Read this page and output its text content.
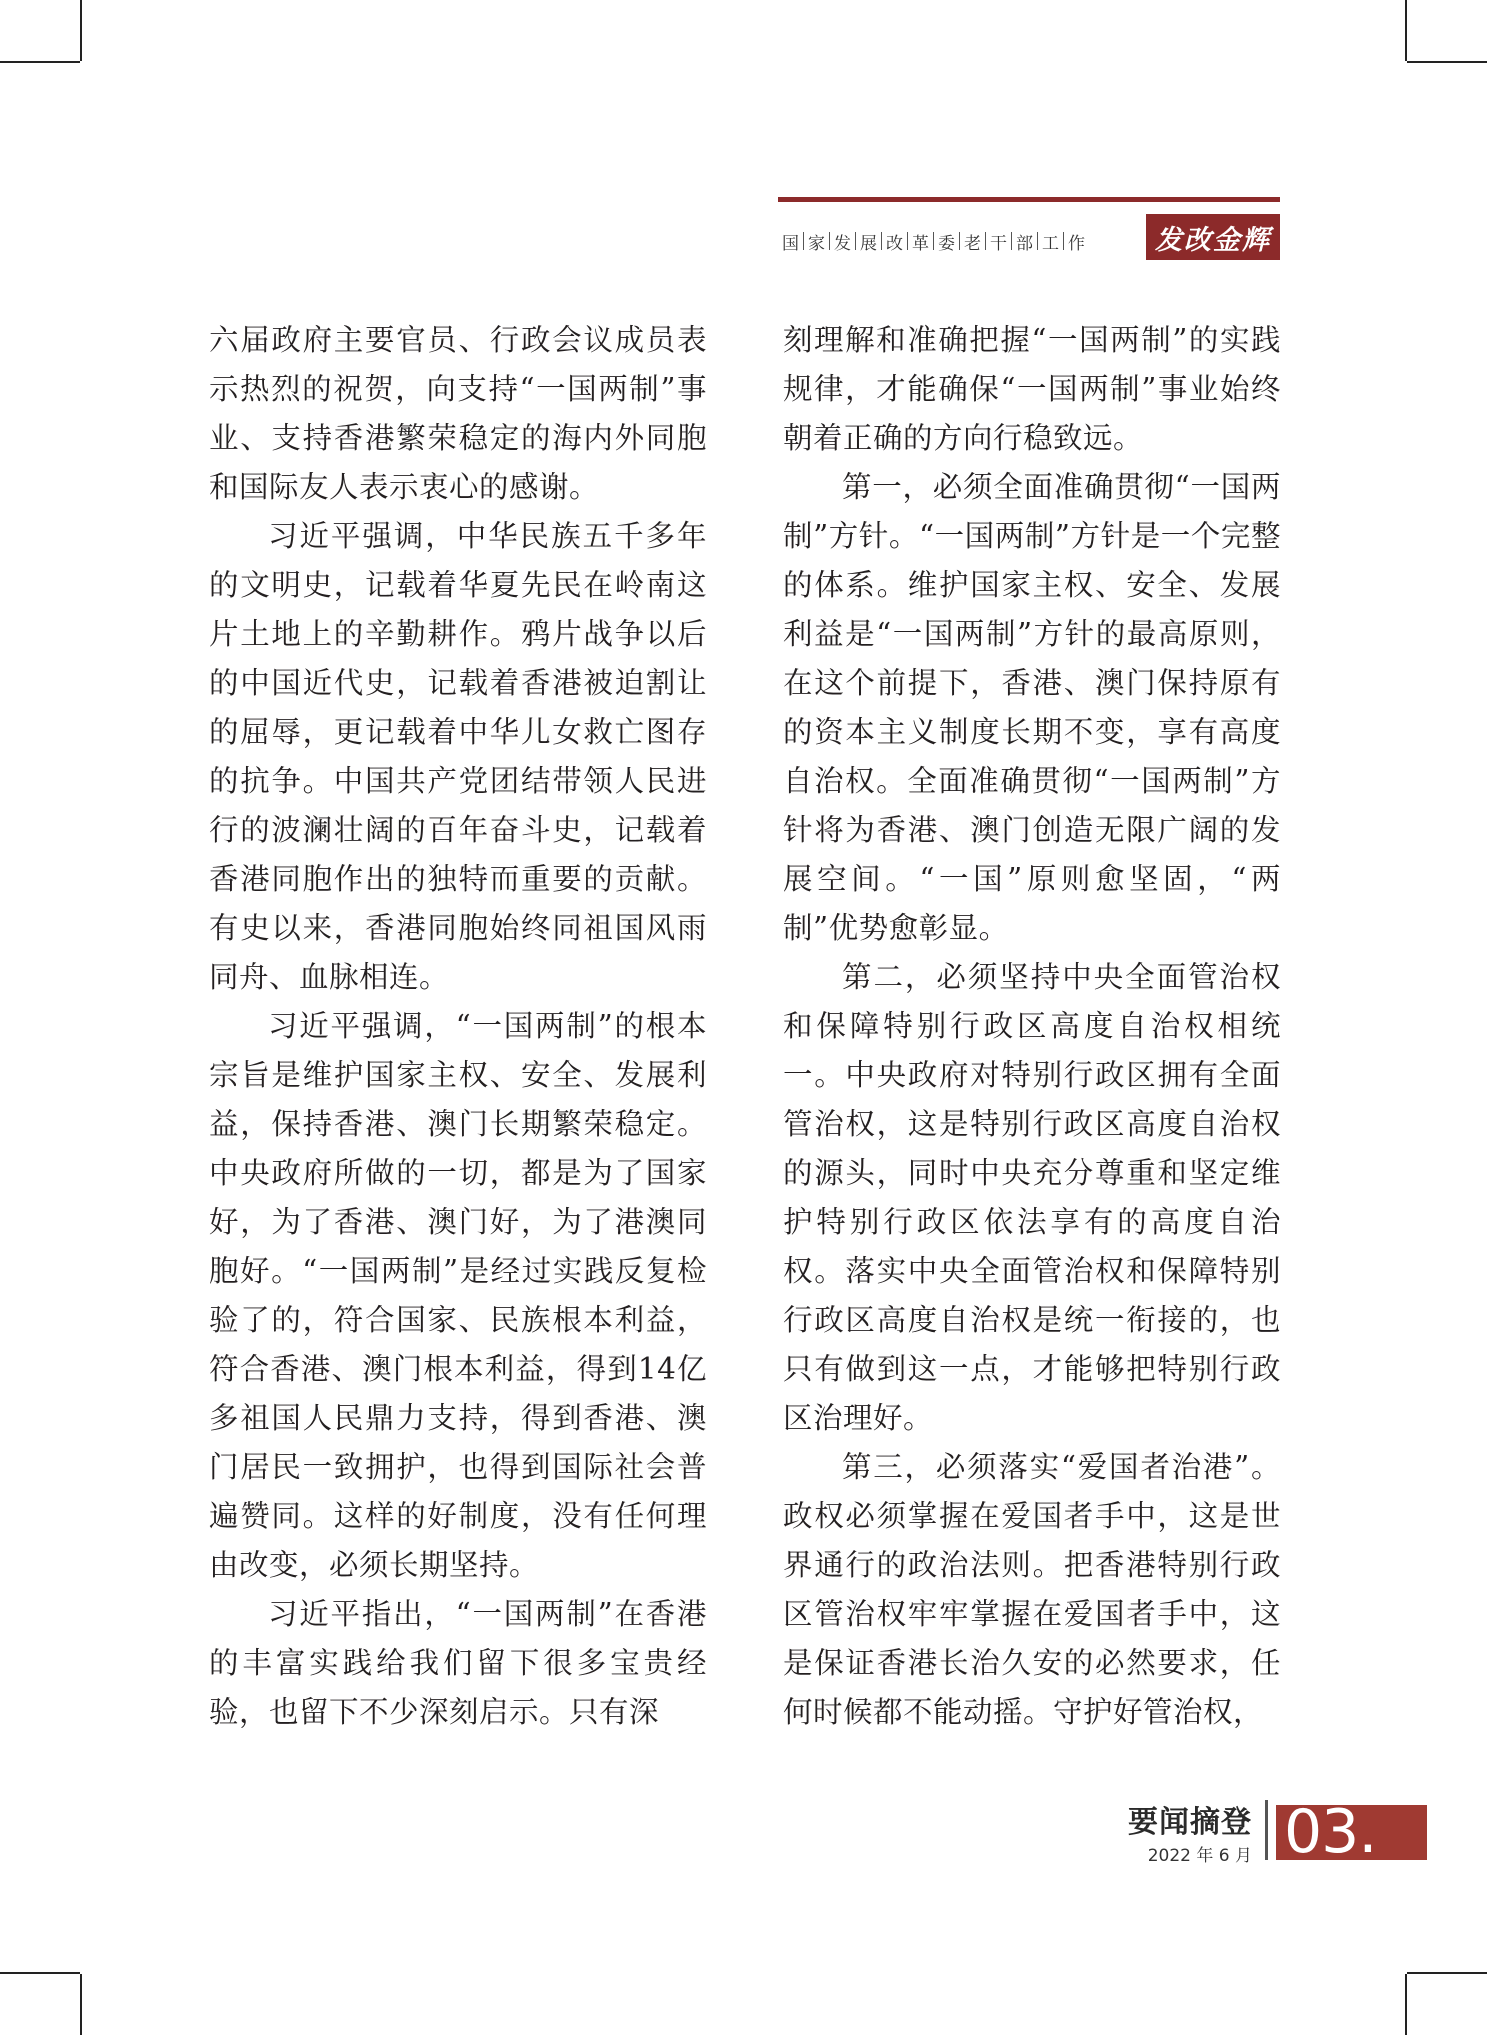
国 家 发 展 改 革 委 老 干 部 工 作	发改金辉

六届政府主要官员、行政会议成员表示热烈的祝贺，向支持“一国两制”事业、支持香港繁荣稳定的海内外同胞和国际友人表示衷心的感谢。

习近平强调，中华民族五千多年的文明史，记载着华夏先民在岭南这片土地上的辛勤耕作。鸦片战争以后的中国近代史，记载着香港被迫割让的屈辱，更记载着中华儿女救亡图存的抗争。中国共产党团结带领人民进行的波澜壮阔的百年奋斗史，记载着香港同胞作出的独特而重要的贡献。有史以来，香港同胞始终同祖国风雨同舟、血脉相连。

习近平强调，“一国两制”的根本宗旨是维护国家主权、安全、发展利益，保持香港、澳门长期繁荣稳定。中央政府所做的一切，都是为了国家好，为了香港、澳门好，为了港澳同胞好。“一国两制”是经过实践反复检验了的，符合国家、民族根本利益，符合香港、澳门根本利益，得到14亿多祖国人民鼎力支持，得到香港、澳门居民一致拥护，也得到国际社会普遍赞同。这样的好制度，没有任何理由改变，必须长期坚持。

习近平指出，“一国两制”在香港的丰富实践给我们留下很多宝贵经验，也留下不少深刻启示。只有深

刻理解和准确把握“一国两制”的实践规律，才能确保“一国两制”事业始终朝着正确的方向行稳致远。

第一，必须全面准确贯彻“一国两制”方针。“一国两制”方针是一个完整的体系。维护国家主权、安全、发展利益是“一国两制”方针的最高原则，在这个前提下，香港、澳门保持原有的资本主义制度长期不变，享有高度自治权。全面准确贯彻“一国两制”方针将为香港、澳门创造无限广阔的发展空间。“一国”原则愈坚固，“两制”优势愈彰显。

第二，必须坚持中央全面管治权和保障特别行政区高度自治权相统一。中央政府对特别行政区拥有全面管治权，这是特别行政区高度自治权的源头，同时中央充分尊重和坚定维护特别行政区依法享有的高度自治权。落实中央全面管治权和保障特别行政区高度自治权是统一衔接的，也只有做到这一点，才能够把特别行政区治理好。

第三，必须落实“爱国者治港”。政权必须掌握在爱国者手中，这是世界通行的政治法则。把香港特别行政区管治权牢牢掌握在爱国者手中，这是保证香港长治久安的必然要求，任何时候都不能动摇。守护好管治权，

要闻摘登
2022 年 6 月 03.
